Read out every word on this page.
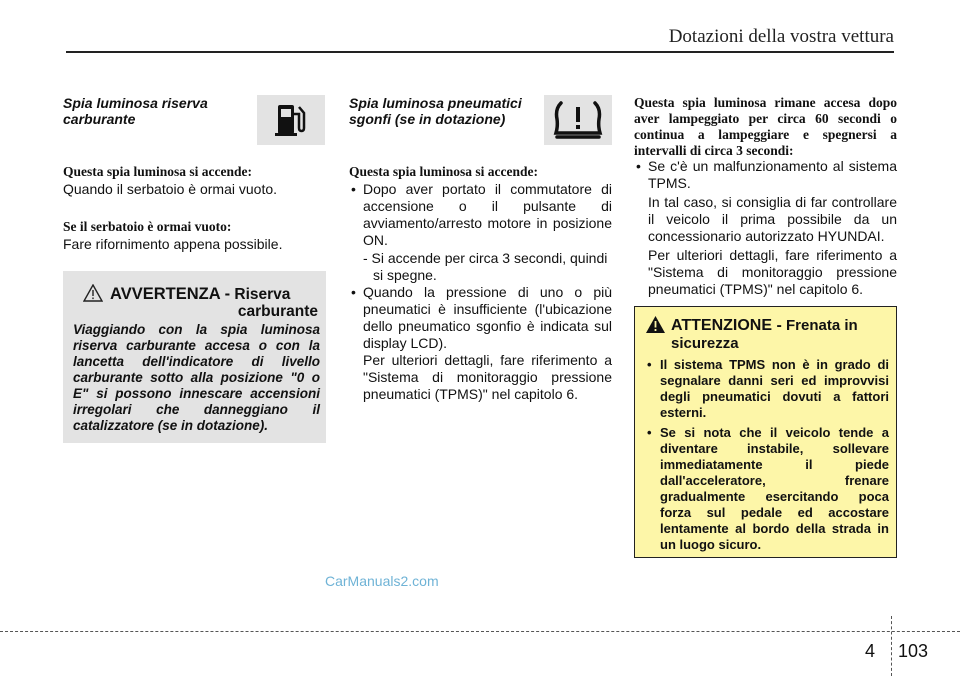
Dotazioni della vostra vettura
Spia luminosa riserva
carburante
Questa spia luminosa si accende:
Quando il serbatoio è ormai vuoto.
Se il serbatoio è ormai vuoto:
Fare rifornimento appena possibile.
AVVERTENZA - Riserva
carburante
Viaggiando con la spia luminosa riserva carburante accesa o con la lancetta dell'indicatore di livello carburante sotto alla posizione "0 o E" si possono innescare accensioni irregolari che danneggiano il catalizzatore (se in dotazione).
Spia luminosa pneumatici
sgonfi (se in dotazione)
Questa spia luminosa si accende:
• Dopo aver portato il commutatore di accensione o il pulsante di avviamento/arresto motore in posizione ON.
- Si accende per circa 3 secondi, quindi si spegne.
• Quando la pressione di uno o più pneumatici è insufficiente (l'ubicazione dello pneumatico sgonfio è indicata sul display LCD).
Per ulteriori dettagli, fare riferimento a "Sistema di monitoraggio pressione pneumatici (TPMS)" nel capitolo 6.
Questa spia luminosa rimane accesa dopo aver lampeggiato per circa 60 secondi o continua a lampeggiare e spegnersi a intervalli di circa 3 secondi:
• Se c'è un malfunzionamento al sistema TPMS.
In tal caso, si consiglia di far controllare il veicolo il prima possibile da un concessionario autorizzato HYUNDAI.
Per ulteriori dettagli, fare riferimento a "Sistema di monitoraggio pressione pneumatici (TPMS)" nel capitolo 6.
ATTENZIONE - Frenata in
sicurezza
• Il sistema TPMS non è in grado di segnalare danni seri ed improvvisi degli pneumatici dovuti a fattori esterni.
• Se si nota che il veicolo tende a diventare instabile, sollevare immediatamente il piede dall'acceleratore, frenare gradualmente esercitando poca forza sul pedale ed accostare lentamente al bordo della strada in un luogo sicuro.
CarManuals2.com
4 103
